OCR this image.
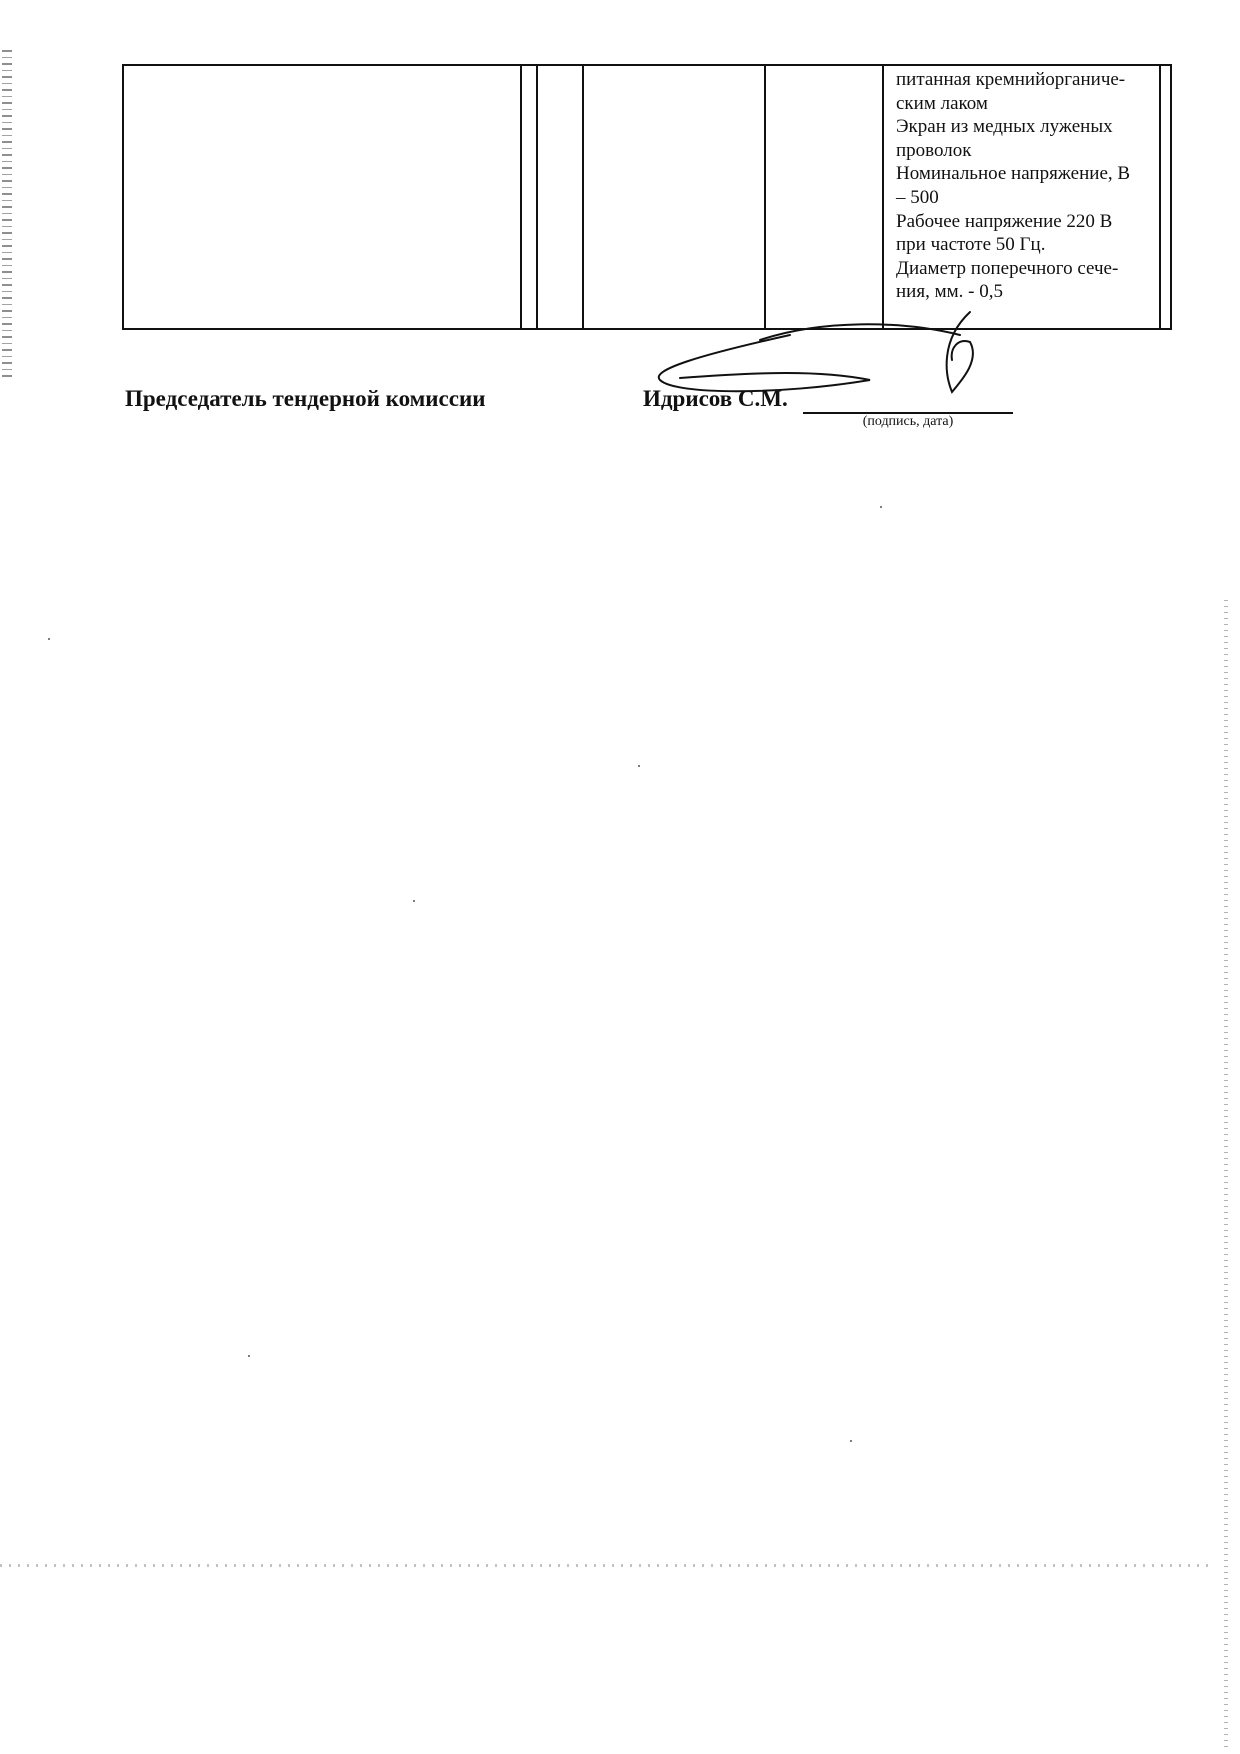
питанная кремнийорганиче-
ским лаком
Экран из медных луженых
проволок
Номинальное напряжение, В
– 500
Рабочее напряжение 220 В
при частоте 50 Гц.
Диаметр поперечного сече-
ния, мм. - 0,5
Председатель тендерной комиссии	Идрисов С.М.
(подпись, дата)
